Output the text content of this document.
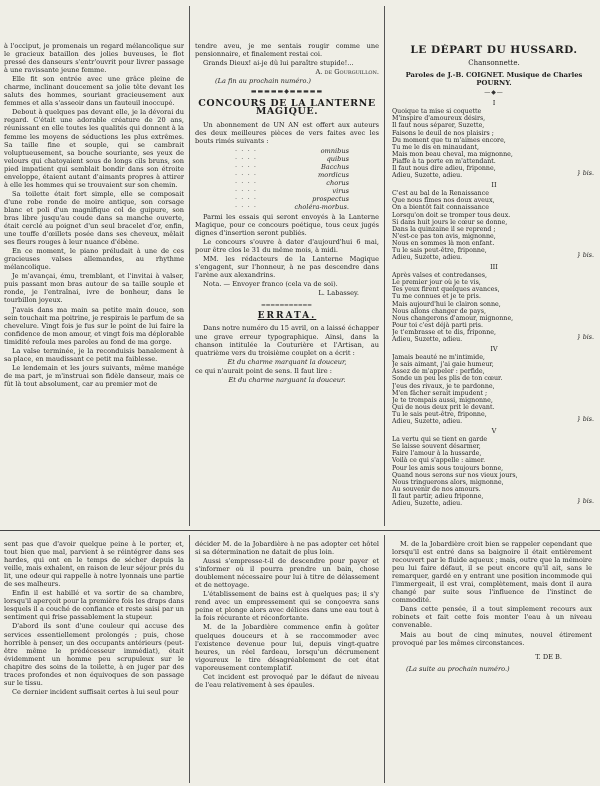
à l'occiput, je promenais un regard mélancolique sur le gracieux bataillon des jolies buveuses, le flot pressé des danseurs s'entr'ouvrit pour livrer passage à une ravissante jeune femme.

Elle fit son entrée avec une grâce pleine de charme, inclinant doucement sa jolie tête devant les saluts des hommes, souriant gracieusement aux femmes et alla s'asseoir dans un fauteuil inoccupé.

Debout à quelques pas devant elle, je la dévorai du regard. C'était une adorable créature de 20 ans, réunissant en elle toutes les qualités qui donnent à la femme les moyens de séductions les plus extrêmes. Sa taille fine et souple, qui se cambrait voluptueusement, sa bouche souriante, ses yeux de velours qui chatoyaient sous de longs cils bruns, son pied impatient qui semblait bondir dans son étroite enveloppe, étaient autant d'aimants propres à attirer à elle les hommes qui se trouvaient sur son chemin.

Sa toilette était fort simple, elle se composait d'une robe ronde de moire antique, son corsage blanc et poli d'un magnifique col de guipure, son bras libre jusqu'au coude dans sa manche ouverte, était cerclé au poignet d'un seul bracelet d'or, enfin, une touffe d'œillets posée dans ses cheveux, mêlait ses fleurs rouges à leur nuance d'ébène.

En ce moment, le piano préludait à une de ces gracieuses valses allemandes, au rhythme mélancolique.

Je m'avançai, ému, tremblant, et l'invitai à valser, puis passant mon bras autour de sa taille souple et ronde, je l'entraînai, ivre de bonheur, dans le tourbillon joyeux.

J'avais dans ma main sa petite main douce, son sein touchait ma poitrine, je respirais le parfum de sa chevelure. Vingt fois je fus sur le point de lui faire la confidence de mon amour, et vingt fois ma déplorable timidité refoula mes paroles au fond de ma gorge.

La valse terminée, je la reconduisis banalement à sa place, en maudissant ce petit ma faiblesse.

Le lendemain et les jours suivants, même manége de ma part, je m'instruai son fidèle danseur, mais ce fût là tout absolument, car au premier mot de

tendre aveu, je me sentais rougir comme une pensionnaire, et finalement restai coi.

Grands Dieux! ai-je dû lui paraître stupide!...

A. de Gourguillon.

(La fin au prochain numéro.)

▬▬▬▬▬◆▬▬▬▬▬
CONCOURS DE LA LANTERNE MAGIQUE.

Un abonnement de UN AN est offert aux auteurs des deux meilleures pièces de vers faites avec les bouts rimés suivants :

·  ·  ·  ·	omnibus
·  ·  ·  ·	quibus
·  ·  ·  ·	Bacchus
·  ·  ·  ·	mordicus
·  ·  ·  ·	chorus
·  ·  ·  ·	virus
·  ·  ·  ·	prospectus
·  ·  ·  ·	choléra-morbus.

Parmi les essais qui seront envoyés à la Lanterne Magique, pour ce concours poétique, tous ceux jugés dignes d'insertion seront publiés.

Le concours s'ouvre à dater d'aujourd'hui 6 mai, pour être clos le 31 du même mois, à midi.

MM. les rédacteurs de la Lanterne Magique s'engagent, sur l'honneur, à ne pas descendre dans l'arène aux alexandrins.

Nota. — Envoyer franco (cela va de soi).

L. Labassey.

━━━━━━━━━━━
ERRATA.

Dans notre numéro du 15 avril, on a laissé échapper une grave erreur typographique. Ainsi, dans la chanson intitulée la Couturière et l'Artisan, au quatrième vers du troisième couplet on a écrit :

Et du charme marquant la douceur,

ce qui n'aurait point de sens. Il faut lire :

Et du charme narguant la douceur.

LE DÉPART DU HUSSARD.
Chansonnette.
Paroles de J.-B. COIGNET. Musique de Charles POURNY.
—◆—
I
Quoique ta mise si coquette
M'inspire d'amoureux désirs,
Il faut nous séparer, Suzette,
Faisons le deuil de nos plaisirs ;
Du moment que tu m'aimes encore,
Tu me le dis en minaudant,
Mais mon beau cheval, ma mignonne,
Piaffe à ta porte en m'attendant.
Il faut nous dire adieu, friponne,
Adieu, Suzette, adieu.	} bis.
II
C'est au bal de la Renaissance
Que nous fîmes nos doux aveux,
On a bientôt fait connaissance
Lorsqu'on doit se tromper tous deux.
Si dans huit jours le cœur se donne,
Dans la quinzaine il se reprend ;
N'est-ce pas ton avis, mignonne,
Nous en sommes là mon enfant.
Tu le sais peut-être, friponne,
Adieu, Suzette, adieu.	} bis.
III
Après valses et contredanses,
Le premier jour où je te vis,
Tes yeux firent quelques avances,
Tu me connues et je te pris.
Mais aujourd'hui le clairon sonne,
Nous allons changer de pays,
Nous changerons d'amour, mignonne,
Pour toi c'est déjà parti pris.
Je t'embrasse et te dis, friponne,
Adieu, Suzette, adieu.	} bis.
IV
Jamais beauté ne m'intimide,
Je sais aimant, j'ai gaie humeur,
Assez de m'appeler : perfide,
Sonde un peu les plis de ton cœur.
J'eus des rivaux, je te pardonne,
M'en fâcher serait impudent ;
Je te trompais aussi, mignonne,
Qui de nous deux prit le devant.
Tu le sais peut-être, friponne,
Adieu, Suzette, adieu.	} bis.
V
La vertu qui se tient en garde
Se laisse souvent désarmer,
Faire l'amour à la hussarde,
Voilà ce qui s'appelle : aimer.
Pour les amis sous toujours bonne,
Quand nous serons sur nos vieux jours,
Nous tringuerons alors, mignonne,
Au souvenir de nos amours.
Il faut partir, adieu friponne,
Adieu, Suzette, adieu.	} bis.

sent pas que d'avoir quelque peine à le porter, et, tout bien que mal, parvient à se réintégrer dans ses hardes, qui ont en le temps de sécher depuis la veille, mais exhalent, en raison de leur séjour prés du lit, une odeur qui rappelle à notre lyonnais une partie de ses malheurs.

Enfin il est habillé et va sortir de sa chambre, lorsqu'il aperçoit pour la première fois les draps dans lesquels il a couché de confiance et reste saisi par un sentiment qui frise passablement la stupeur.

D'abord ils sont d'une couleur qui accuse des services essentiellement prolongés ; puis, chose horrible à penser, un des occupants antérieurs (peut-être même le prédécesseur immédiat), était évidemment un homme peu scrupuleux sur le chapitre des soins de la toilette, à en juger par des traces profondes et non équivoques de son passage sur le tissu.

Ce dernier incident suffisait certes à lui seul pour

décider M. de la Jobardière à ne pas adopter cet hôtel si sa détermination ne datait de plus loin.

Aussi s'empresse-t-il de descendre pour payer et s'informer où il pourra prendre un bain, chose doublement nécessaire pour lui à titre de délassement et de nettoyage.

L'établissement de bains est à quelques pas; il s'y rend avec un empressement qui se conçoevra sans peine et plonge alors avec délices dans une eau tout à la fois récurante et réconfortante.

M. de la Jobardière commence enfin à goûter quelques douceurs et à se raccommoder avec l'existence devenue pour lui, depuis vingt-quatre heures, un réel fardeau, lorsqu'un décrumenent vigoureux le tire désagréablement de cet état vaporeusement contemplatif.

Cet incident est provoqué par le défaut de niveau de l'eau relativement à ses épaules.

M. de la Jobardière croit bien se rappeler cependant que lorsqu'il est entré dans sa baignoire il était entièrement recouvert par le fluide aqueux ; mais, outre que la mémoire peu lui faire défaut, il se peut encore qu'il ait, sans le remarquer, gardé en y entrant une position incommode qui l'immergeait, il est vrai, complètement, mais dont il aura changé par suite sous l'influence de l'instinct de commodité.

Dans cette pensée, il a tout simplement recours aux robinets et fait cette fois monter l'eau à un niveau convenable.

Mais au bout de cinq minutes, nouvel étirement provoqué par les mêmes circonstances.

T. DE B.

(La suite au prochain numéro.)
